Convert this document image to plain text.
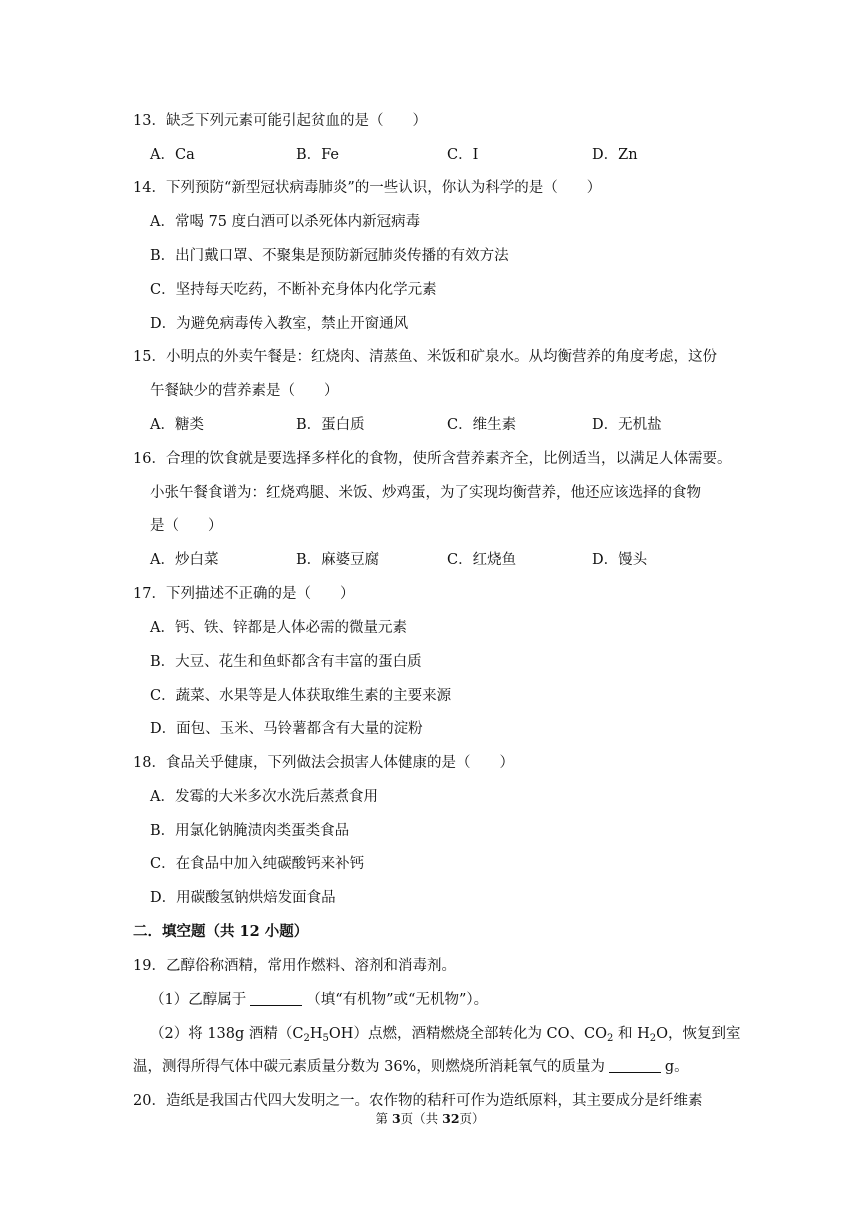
13．缺乏下列元素可能引起贫血的是（　　）
A．Ca	B．Fe	C．I	D．Zn
14．下列预防“新型冠状病毒肺炎”的一些认识，你认为科学的是（　　）
A．常喝 75 度白酒可以杀死体内新冠病毒
B．出门戴口罩、不聚集是预防新冠肺炎传播的有效方法
C．坚持每天吃药，不断补充身体内化学元素
D．为避免病毒传入教室，禁止开窗通风
15．小明点的外卖午餐是：红烧肉、清蒸鱼、米饭和矿泉水。从均衡营养的角度考虑，这份
午餐缺少的营养素是（　　）
A．糖类	B．蛋白质	C．维生素	D．无机盐
16．合理的饮食就是要选择多样化的食物，使所含营养素齐全，比例适当，以满足人体需要。
小张午餐食谱为：红烧鸡腿、米饭、炒鸡蛋，为了实现均衡营养，他还应该选择的食物
是（　　）
A．炒白菜	B．麻婆豆腐	C．红烧鱼	D．馒头
17．下列描述不正确的是（　　）
A．钙、铁、锌都是人体必需的微量元素
B．大豆、花生和鱼虾都含有丰富的蛋白质
C．蔬菜、水果等是人体获取维生素的主要来源
D．面包、玉米、马铃薯都含有大量的淀粉
18．食品关乎健康，下列做法会损害人体健康的是（　　）
A．发霉的大米多次水洗后蒸煮食用
B．用氯化钠腌渍肉类蛋类食品
C．在食品中加入纯碳酸钙来补钙
D．用碳酸氢钠烘焙发面食品
二．填空题（共 12 小题）
19．乙醇俗称酒精，常用作燃料、溶剂和消毒剂。
（1）乙醇属于	（填“有机物”或“无机物”）。
（2）将 138g 酒精$(C_2H_5OH)$点燃，酒精燃烧全部转化为 CO、$CO_2$ 和 $H_2O$，恢复到室
温，测得所得气体中碳元素质量分数为 36%，则燃烧所消耗氧气的质量为	g。
20．造纸是我国古代四大发明之一。农作物的秸秆可作为造纸原料，其主要成分是纤维素
第 3页（共 32页）
